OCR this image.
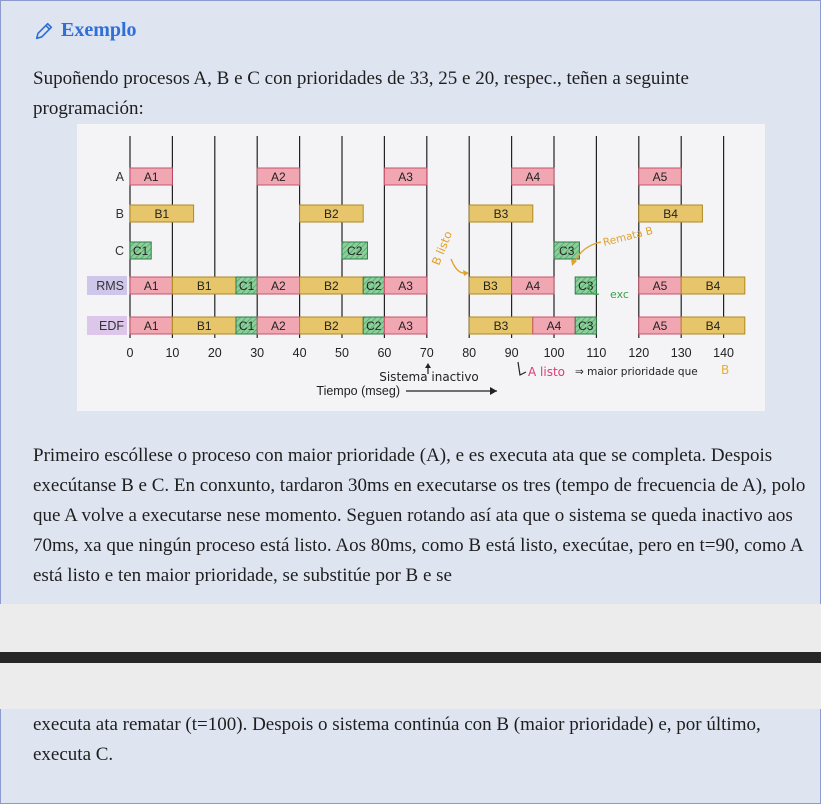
Exemplo
Supoñendo procesos A, B e C con prioridades de 33, 25 e 20, respec., teñen a seguinte programación:
A A1	A2	A3	A4	A5
B	B1	B2	B3	B4
C C1	C2	C3
RMS A1	B1 C1 A2	B2 C2 A3	B3 A4	C3	A5	B4
EDF A1	B1 C1 A2	B2 C2 A3	B3	A4 C3	A5	B4
0	10 20 30 40 50 60 70 80 90 100 110 120 130 140
Tiempo (mseg)
Sistema inactivo	A listo ⇒ maior prioridade que B
B listo	Remata B
exc
Primeiro escóllese o proceso con maior prioridade (A), e es executa ata que se completa. Despois execútanse B e C. En conxunto, tardaron 30ms en executarse os tres (tempo de frecuencia de A), polo que A volve a executarse nese momento. Seguen rotando así ata que o sistema se queda inactivo aos 70ms, xa que ningún proceso está listo. Aos 80ms, como B está listo, execútae, pero en t=90, como A está listo e ten maior prioridade, se substitúe por B e se
executa ata rematar (t=100). Despois o sistema continúa con B (maior prioridade) e, por último, executa C.
